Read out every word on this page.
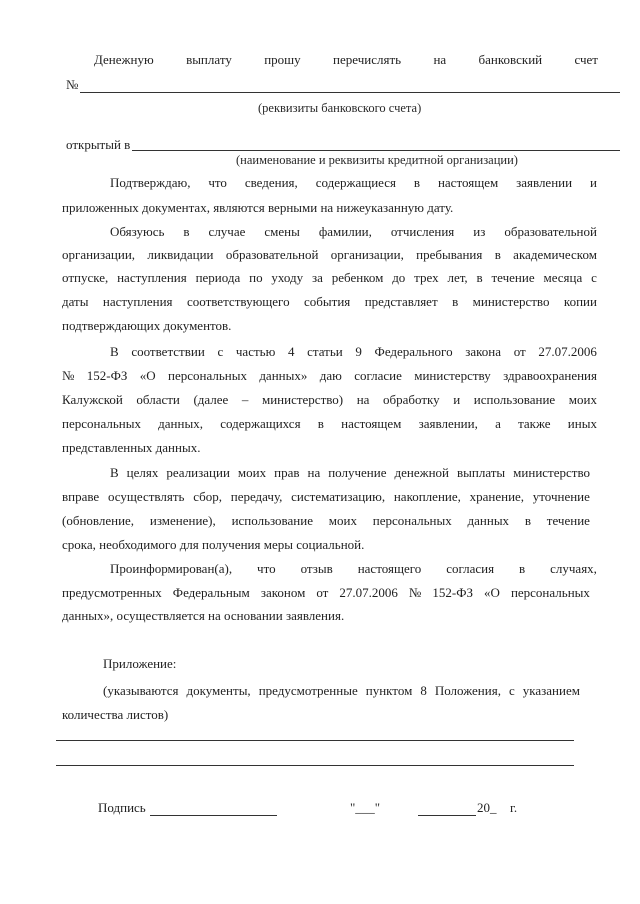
Денежную выплату прошу перечислять на банковский счет
№
(реквизиты банковского счета)
открытый в
(наименование и реквизиты кредитной организации)
Подтверждаю, что сведения, содержащиеся в настоящем заявлении и
приложенных документах, являются верными на нижеуказанную дату.
Обязуюсь в случае смены фамилии, отчисления из образовательной
организации, ликвидации образовательной организации, пребывания в академическом
отпуске, наступления периода по уходу за ребенком до трех лет, в течение месяца с
даты наступления соответствующего события представляет в министерство копии
подтверждающих документов.
В соответствии с частью 4 статьи 9 Федерального закона от 27.07.2006
№ 152-ФЗ «О персональных данных» даю согласие министерству здравоохранения
Калужской области (далее – министерство) на обработку и использование моих
персональных данных, содержащихся в настоящем заявлении, а также иных
представленных данных.
В целях реализации моих прав на получение денежной выплаты министерство
вправе осуществлять сбор, передачу, систематизацию, накопление, хранение, уточнение
(обновление, изменение), использование моих персональных данных в течение
срока, необходимого для получения меры социальной.
Проинформирован(а), что отзыв настоящего согласия в случаях,
предусмотренных Федеральным законом от 27.07.2006 № 152-ФЗ «О персональных
данных», осуществляется на основании заявления.
Приложение:
(указываются документы, предусмотренные пунктом 8 Положения, с указанием
количества листов)
Подпись	"___"	20_ г.
